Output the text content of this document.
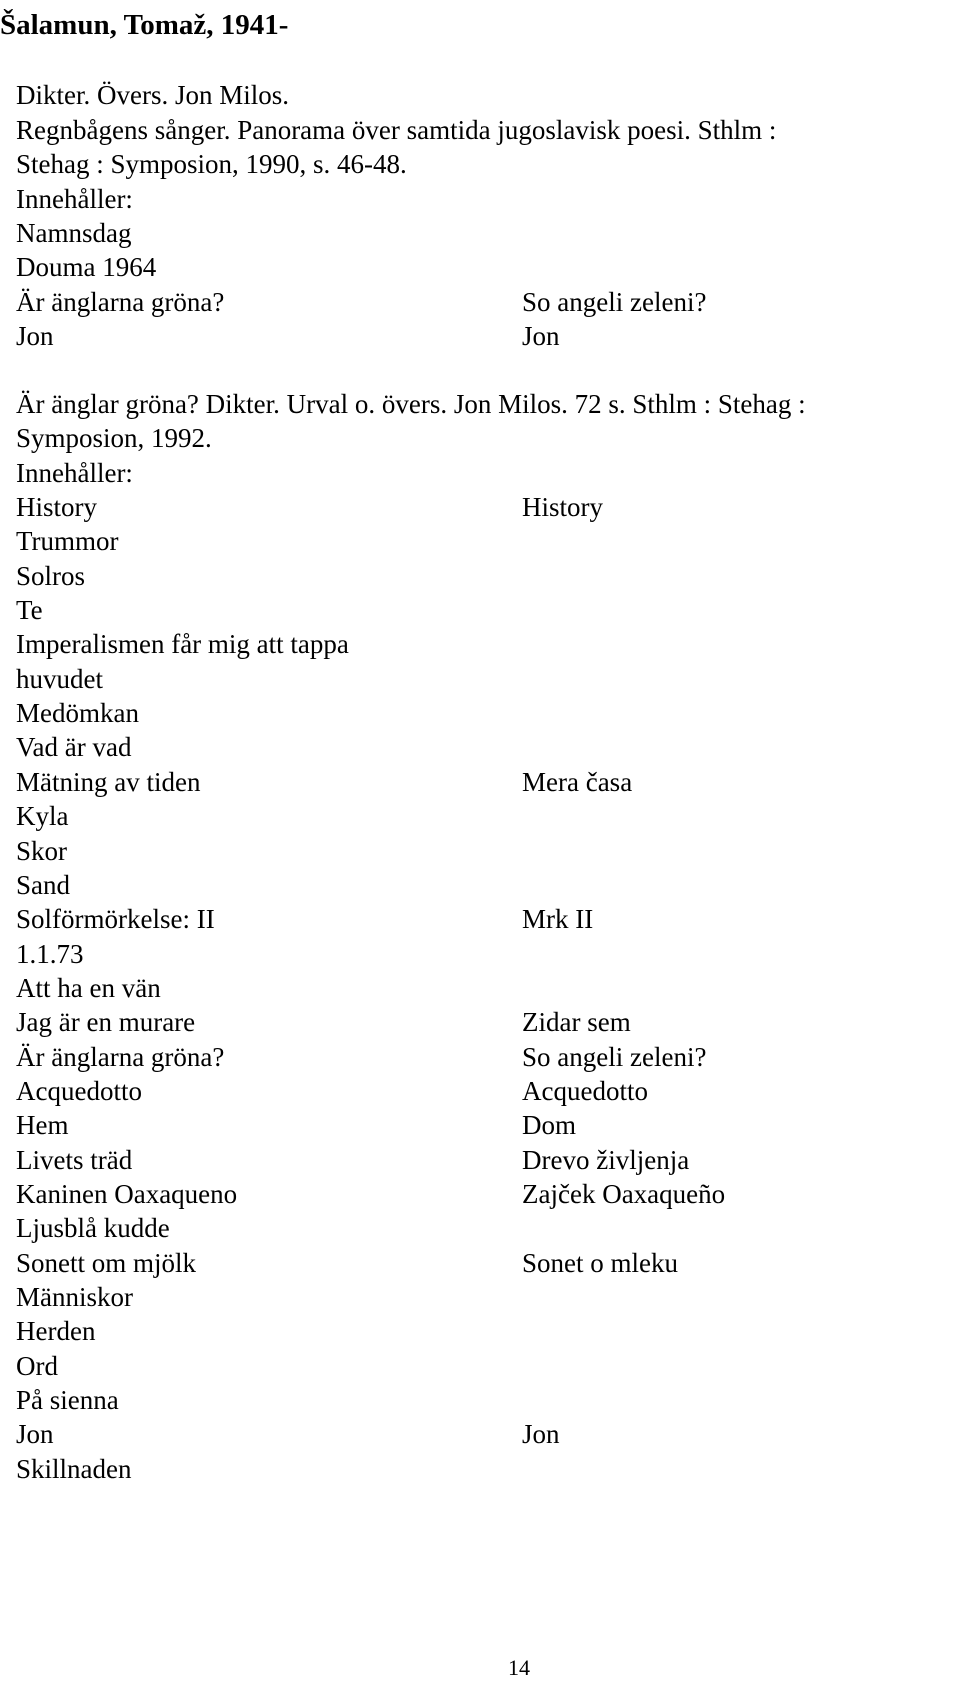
Šalamun, Tomaž, 1941-
Dikter. Övers. Jon Milos.
Regnbågens sånger. Panorama över samtida jugoslavisk poesi. Sthlm :
Stehag : Symposion, 1990, s. 46-48.
Innehåller:
Namnsdag
Douma 1964
Är änglarna gröna?	So angeli zeleni?
Jon	Jon
Är änglar gröna? Dikter. Urval o. övers. Jon Milos. 72 s. Sthlm : Stehag :
Symposion, 1992.
Innehåller:
History	History
Trummor
Solros
Te
Imperalismen får mig att tappa
huvudet
Medömkan
Vad är vad
Mätning av tiden	Mera časa
Kyla
Skor
Sand
Solförmörkelse: II	Mrk II
1.1.73
Att ha en vän
Jag är en murare	Zidar sem
Är änglarna gröna?	So angeli zeleni?
Acquedotto	Acquedotto
Hem	Dom
Livets träd	Drevo življenja
Kaninen Oaxaqueno	Zajček Oaxaqueño
Ljusblå kudde
Sonett om mjölk	Sonet o mleku
Människor
Herden
Ord
På sienna
Jon	Jon
Skillnaden
14
